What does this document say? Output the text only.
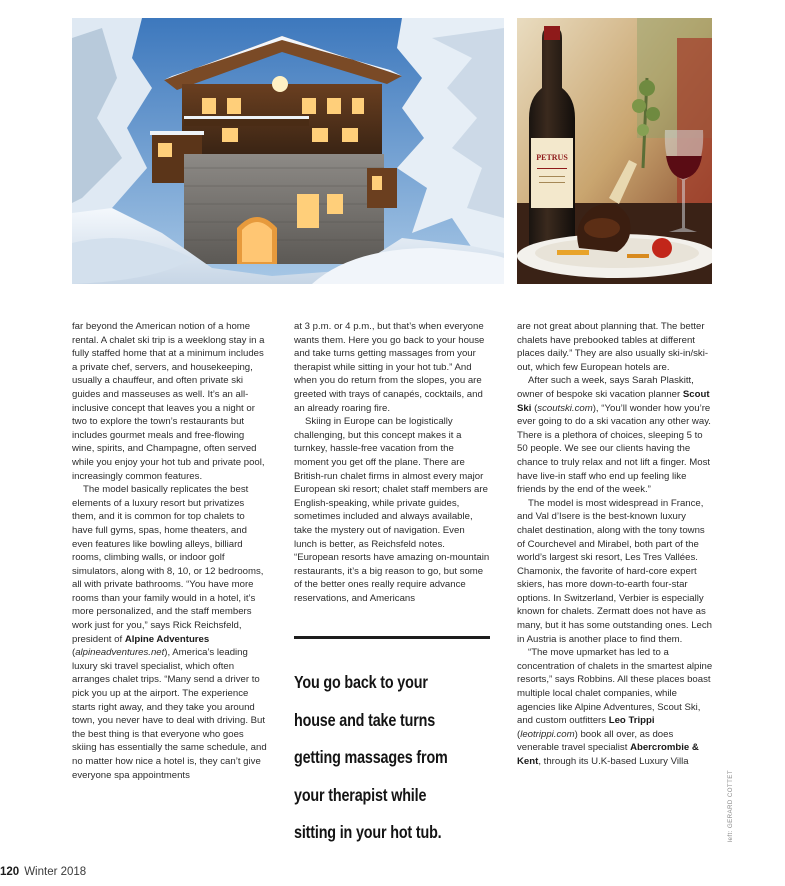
PETRUS

far beyond the American notion of a home rental. A chalet ski trip is a weeklong stay in a fully staffed home that at a minimum includes a private chef, servers, and housekeeping, usually a chauffeur, and often private ski guides and masseuses as well. It’s an all-inclusive concept that leaves you a night or two to explore the town’s restaurants but includes gourmet meals and free-flowing wine, spirits, and Champagne, often served while you enjoy your hot tub and private pool, increasingly common features.

The model basically replicates the best elements of a luxury resort but privatizes them, and it is common for top chalets to have full gyms, spas, home theaters, and even features like bowling alleys, billiard rooms, climbing walls, or indoor golf simulators, along with 8, 10, or 12 bedrooms, all with private bathrooms. “You have more rooms than your family would in a hotel, it’s more personalized, and the staff members work just for you,” says Rick Reichsfeld, president of Alpine Adventures (alpineadventures.net), America’s leading luxury ski travel specialist, which often arranges chalet trips. “Many send a driver to pick you up at the airport. The experience starts right away, and they take you around town, you never have to deal with driving. But the best thing is that everyone who goes skiing has essentially the same schedule, and no matter how nice a hotel is, they can’t give everyone spa appointments

at 3 p.m. or 4 p.m., but that’s when everyone wants them. Here you go back to your house and take turns getting massages from your therapist while sitting in your hot tub.” And when you do return from the slopes, you are greeted with trays of canapés, cocktails, and an already roaring fire.

Skiing in Europe can be logistically challenging, but this concept makes it a turnkey, hassle-free vacation from the moment you get off the plane. There are British-run chalet firms in almost every major European ski resort; chalet staff members are English-speaking, while private guides, sometimes included and always available, take the mystery out of navigation. Even lunch is better, as Reichsfeld notes. “European resorts have amazing on-mountain restaurants, it’s a big reason to go, but some of the better ones really require advance reservations, and Americans

You go back to your
house and take turns
getting massages from
your therapist while
sitting in your hot tub.

are not great about planning that. The better chalets have prebooked tables at different places daily.” They are also usually ski-in/ski-out, which few European hotels are.

After such a week, says Sarah Plaskitt, owner of bespoke ski vacation planner Scout Ski (scoutski.com), “You’ll wonder how you’re ever going to do a ski vacation any other way. There is a plethora of choices, sleeping 5 to 50 people. We see our clients having the chance to truly relax and not lift a finger. Most have live-in staff who end up feeling like friends by the end of the week.”

The model is most widespread in France, and Val d’Isere is the best-known luxury chalet destination, along with the tony towns of Courchevel and Mirabel, both part of the world’s largest ski resort, Les Tres Vallées. Chamonix, the favorite of hard-core expert skiers, has more down-to-earth four-star options. In Switzerland, Verbier is especially known for chalets. Zermatt does not have as many, but it has some outstanding ones. Lech in Austria is another place to find them.

“The move upmarket has led to a concentration of chalets in the smartest alpine resorts,” says Robbins. All these places boast multiple local chalet companies, while agencies like Alpine Adventures, Scout Ski, and custom outfitters Leo Trippi (leotrippi.com) book all over, as does venerable travel specialist Abercrombie & Kent, through its U.K-based Luxury Villa

left: GERARD COTTET
120 Winter 2018
